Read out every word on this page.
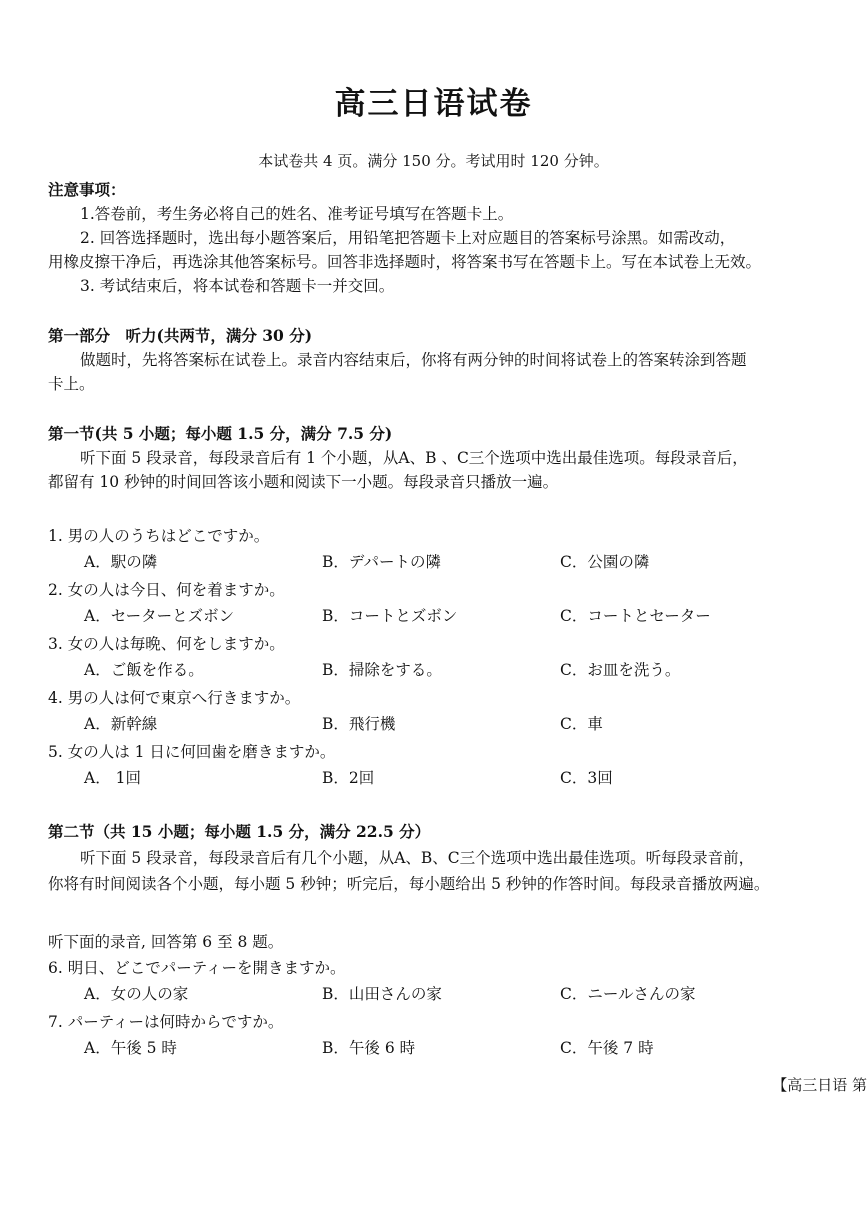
高三日语试卷
本试卷共 4 页。满分 150 分。考试用时 120 分钟。
注意事项：
1.答卷前，考生务必将自己的姓名、准考证号填写在答题卡上。
2. 回答选择题时，选出每小题答案后，用铅笔把答题卡上对应题目的答案标号涂黑。如需改动，
用橡皮擦干净后，再选涂其他答案标号。回答非选择题时，将答案书写在答题卡上。写在本试卷上无效。
3. 考试结束后，将本试卷和答题卡一并交回。
第一部分　听力(共两节，满分 30 分)
做题时，先将答案标在试卷上。录音内容结束后，你将有两分钟的时间将试卷上的答案转涂到答题
卡上。
第一节(共 5 小题；每小题 1.5 分，满分 7.5 分)
听下面 5 段录音，每段录音后有 1 个小题，从A、B 、C三个选项中选出最佳选项。每段录音后，
都留有 10 秒钟的时间回答该小题和阅读下一小题。每段录音只播放一遍。
1. 男の人のうちはどこですか。
A．駅の隣	B．デパートの隣	C．公園の隣
2. 女の人は今日、何を着ますか。
A．セーターとズボン	B．コートとズボン	C．コートとセーター
3. 女の人は毎晩、何をしますか。
A．ご飯を作る。	B．掃除をする。	C．お皿を洗う。
4. 男の人は何で東京へ行きますか。
A．新幹線	B．飛行機	C．車
5. 女の人は 1 日に何回歯を磨きますか。
A． 1回	B．2回	C．3回
第二节（共 15 小题；每小题 1.5 分，满分 22.5 分）
听下面 5 段录音，每段录音后有几个小题，从A、B、C三个选项中选出最佳选项。听每段录音前，
你将有时间阅读各个小题，每小题 5 秒钟；听完后，每小题给出 5 秒钟的作答时间。每段录音播放两遍。
听下面的录音, 回答第 6 至 8 题。
6. 明日、どこでパーティーを開きますか。
A．女の人の家	B．山田さんの家	C．ニールさんの家
7. パーティーは何時からですか。
A．午後 5 時	B．午後 6 時	C．午後 7 時
【高三日语 第
